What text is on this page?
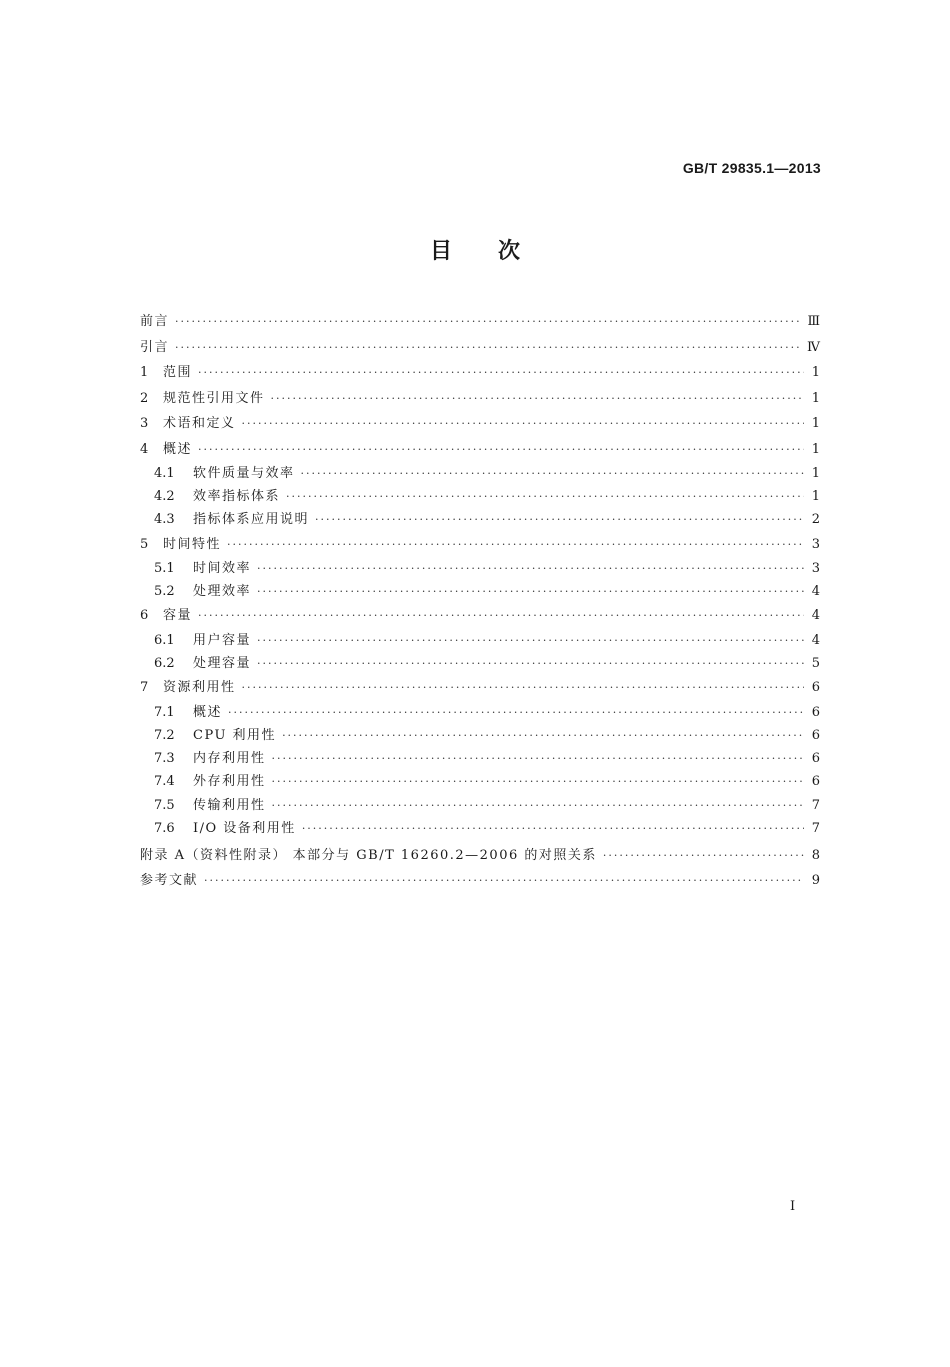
GB/T 29835.1—2013
目次
前言 ·····	Ⅲ
引言 ·····	Ⅳ
1	范围 ·····	1
2	规范性引用文件 ·····	1
3	术语和定义 ·····	1
4	概述 ·····	1
4.1	软件质量与效率 ·····	1
4.2	效率指标体系 ·····	1
4.3	指标体系应用说明 ·····	2
5	时间特性 ·····	3
5.1	时间效率 ·····	3
5.2	处理效率 ·····	4
6	容量 ·····	4
6.1	用户容量 ·····	4
6.2	处理容量 ·····	5
7	资源利用性 ·····	6
7.1	概述 ·····	6
7.2	CPU 利用性 ·····	6
7.3	内存利用性 ·····	6
7.4	外存利用性 ·····	6
7.5	传输利用性 ·····	7
7.6	I/O 设备利用性 ·····	7
附录 A（资料性附录） 本部分与 GB/T 16260.2—2006 的对照关系 ·····	8
参考文献 ·····	9
I
